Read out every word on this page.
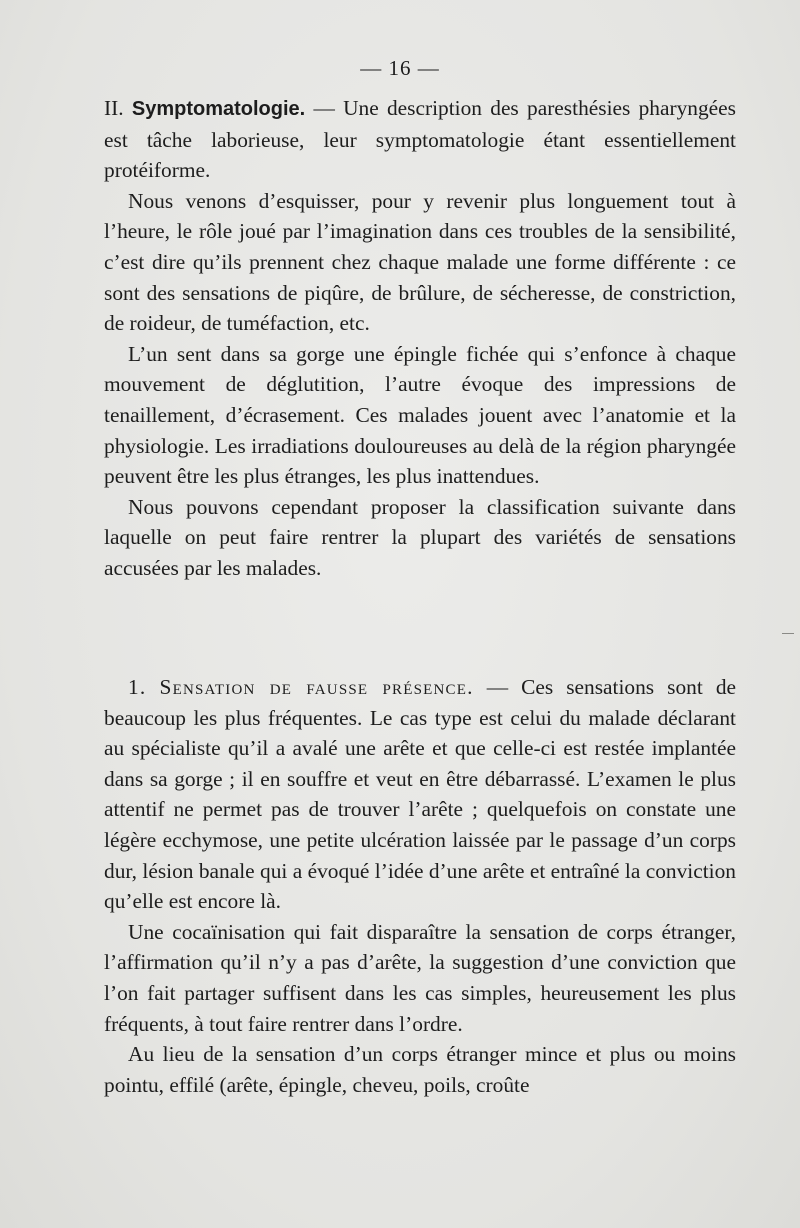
— 16 —

II. Symptomatologie. — Une description des paresthésies pharyngées est tâche laborieuse, leur symptomatologie étant essentiellement protéiforme.

Nous venons d’esquisser, pour y revenir plus longuement tout à l’heure, le rôle joué par l’imagination dans ces troubles de la sensibilité, c’est dire qu’ils prennent chez chaque malade une forme différente : ce sont des sensations de piqûre, de brûlure, de sécheresse, de constriction, de roideur, de tuméfaction, etc.

L’un sent dans sa gorge une épingle fichée qui s’enfonce à chaque mouvement de déglutition, l’autre évoque des impressions de tenaillement, d’écrasement. Ces malades jouent avec l’anatomie et la physiologie. Les irradiations douloureuses au delà de la région pharyngée peuvent être les plus étranges, les plus inattendues.

Nous pouvons cependant proposer la classification suivante dans laquelle on peut faire rentrer la plupart des variétés de sensations accusées par les malades.

1. Sensation de fausse présence. — Ces sensations sont de beaucoup les plus fréquentes. Le cas type est celui du malade déclarant au spécialiste qu’il a avalé une arête et que celle-ci est restée implantée dans sa gorge ; il en souffre et veut en être débarrassé. L’examen le plus attentif ne permet pas de trouver l’arête ; quelquefois on constate une légère ecchymose, une petite ulcération laissée par le passage d’un corps dur, lésion banale qui a évoqué l’idée d’une arête et entraîné la conviction qu’elle est encore là.

Une cocaïnisation qui fait disparaître la sensation de corps étranger, l’affirmation qu’il n’y a pas d’arête, la suggestion d’une conviction que l’on fait partager suffisent dans les cas simples, heureusement les plus fréquents, à tout faire rentrer dans l’ordre.

Au lieu de la sensation d’un corps étranger mince et plus ou moins pointu, effilé (arête, épingle, cheveu, poils, croûte
